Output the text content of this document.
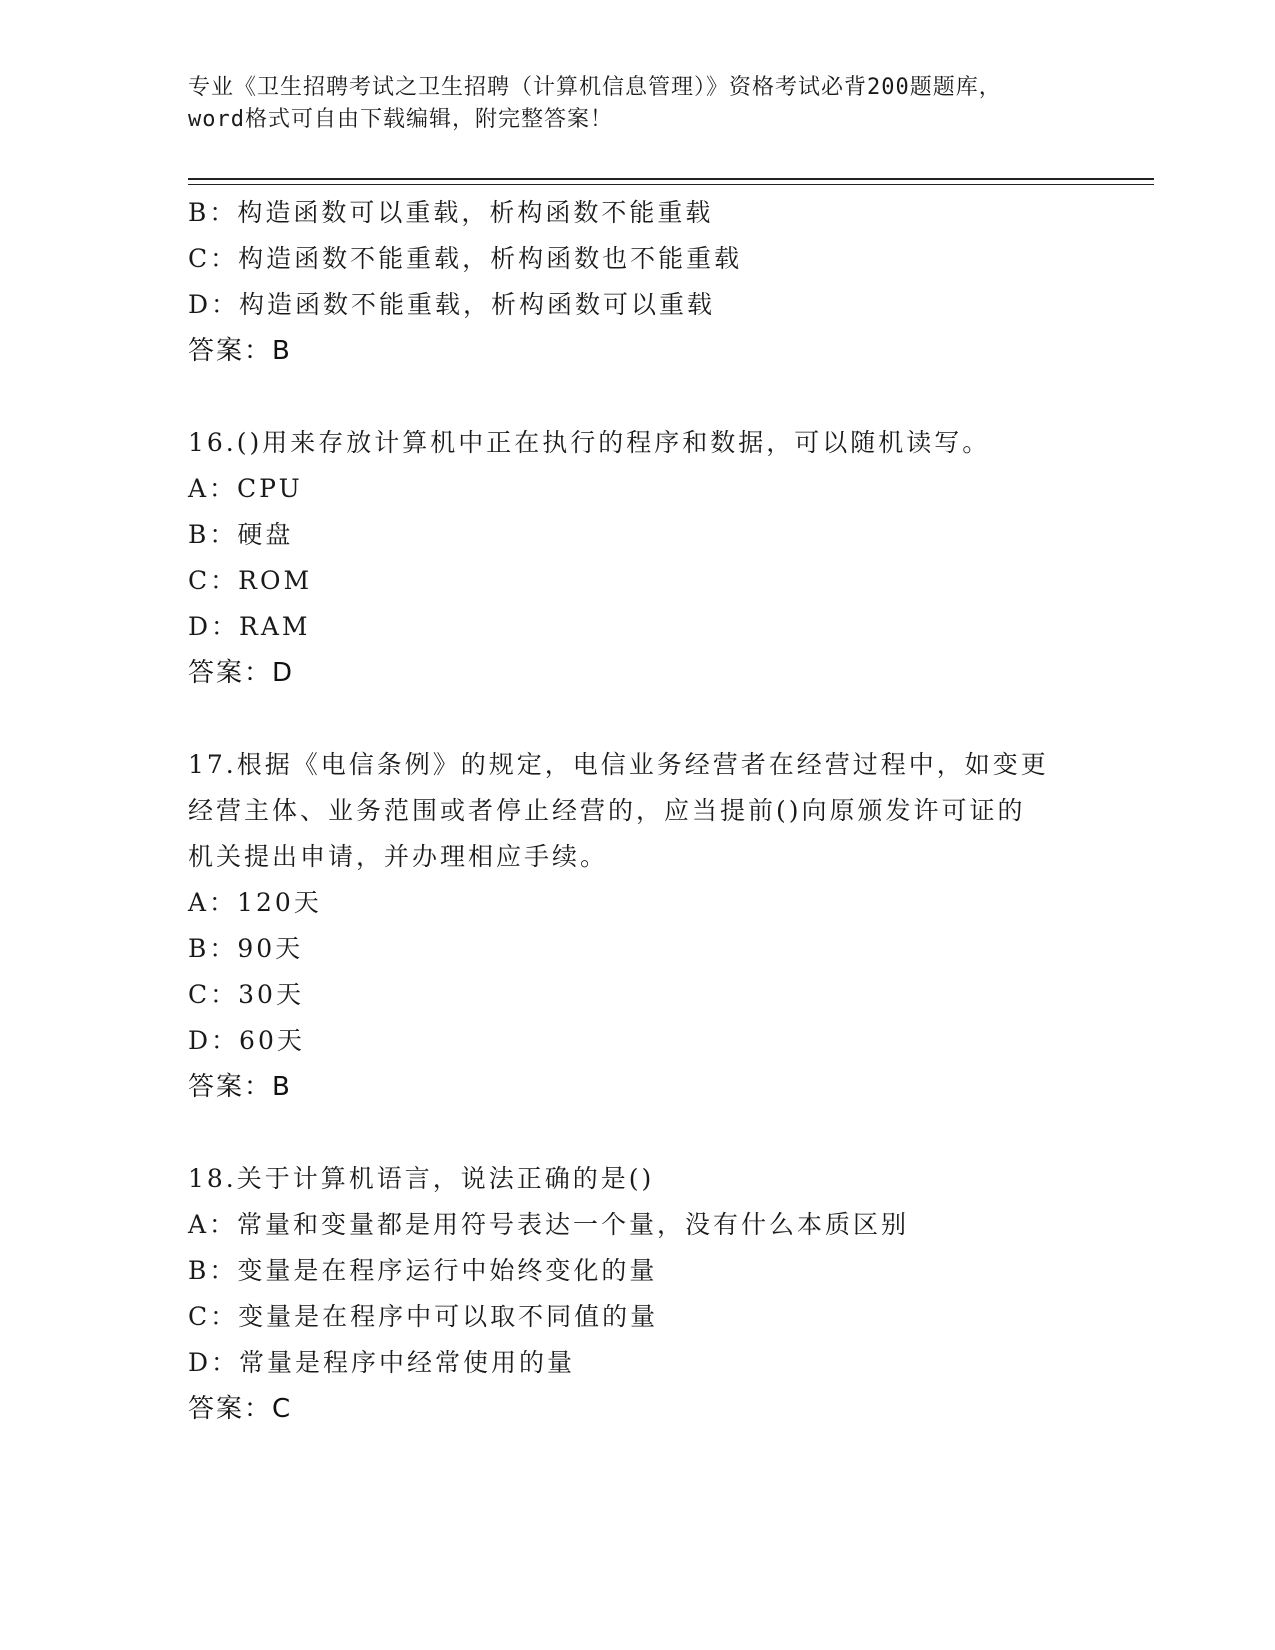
专业《卫生招聘考试之卫生招聘（计算机信息管理）》资格考试必背200题题库，
word格式可自由下载编辑，附完整答案！
B：构造函数可以重载，析构函数不能重载
C：构造函数不能重载，析构函数也不能重载
D：构造函数不能重载，析构函数可以重载
答案：B
16.()用来存放计算机中正在执行的程序和数据，可以随机读写。
A：CPU
B：硬盘
C：ROM
D：RAM
答案：D
17.根据《电信条例》的规定，电信业务经营者在经营过程中，如变更
经营主体、业务范围或者停止经营的，应当提前()向原颁发许可证的
机关提出申请，并办理相应手续。
A：120天
B：90天
C：30天
D：60天
答案：B
18.关于计算机语言，说法正确的是()
A：常量和变量都是用符号表达一个量，没有什么本质区别
B：变量是在程序运行中始终变化的量
C：变量是在程序中可以取不同值的量
D：常量是程序中经常使用的量
答案：C
